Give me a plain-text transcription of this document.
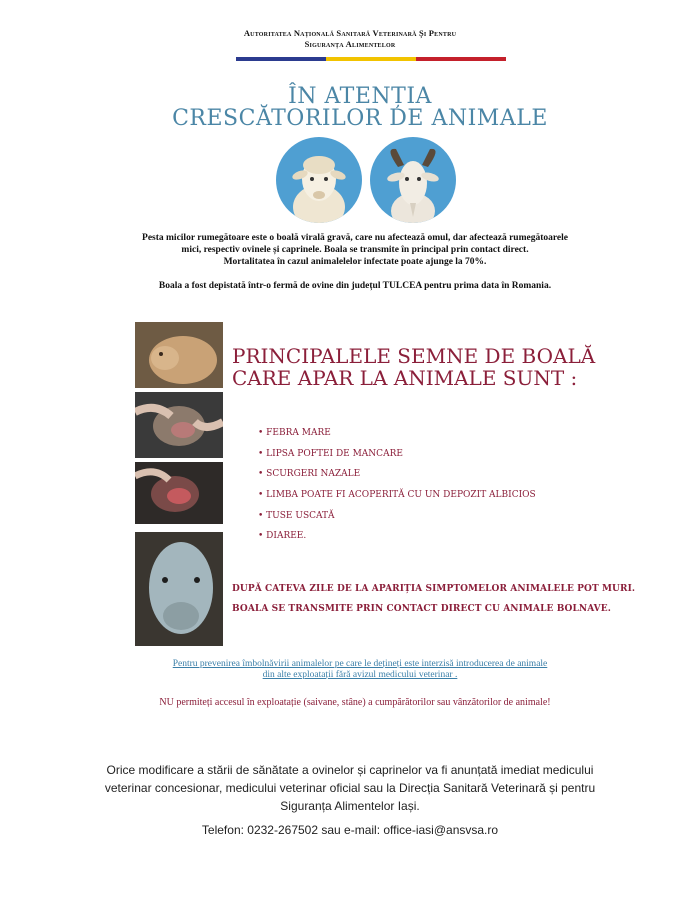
Autoritatea Națională Sanitară Veterinară Și Pentru
Siguranța Alimentelor
ÎN ATENȚIA
CRESCĂTORILOR DE ANIMALE
Pesta micilor rumegătoare este o boală virală gravă, care nu afectează omul, dar afectează rumegătoarele
mici, respectiv ovinele și caprinele. Boala se transmite în principal prin contact direct.
Mortalitatea în cazul animalelelor infectate poate ajunge la 70%.
Boala a fost depistată într-o fermă de ovine din județul TULCEA pentru prima data în Romania.
PRINCIPALELE SEMNE DE BOALĂ
CARE APAR LA ANIMALE SUNT :
• FEBRA MARE
• LIPSA POFTEI DE MANCARE
• SCURGERI NAZALE
• LIMBA POATE FI ACOPERITĂ CU UN DEPOZIT ALBICIOS
• TUSE USCATĂ
• DIAREE.
DUPĂ CATEVA ZILE DE LA APARIȚIA SIMPTOMELOR ANIMALELE POT MURI.
BOALA SE TRANSMITE PRIN CONTACT DIRECT CU ANIMALE BOLNAVE.
Pentru prevenirea îmbolnăvirii animalelor pe care le dețineți este interzisă introducerea de animale
din alte exploatații fără avizul medicului veterinar .
NU permiteți accesul în exploatație (saivane, stâne) a cumpărătorilor sau vânzătorilor de animale!
Orice modificare a stării de sănătate a ovinelor și caprinelor va fi anunțată imediat medicului
veterinar concesionar, medicului veterinar oficial sau la Direcția Sanitară Veterinară și pentru
Siguranța Alimentelor Iași.
Telefon: 0232-267502 sau e-mail: office-iasi@ansvsa.ro
